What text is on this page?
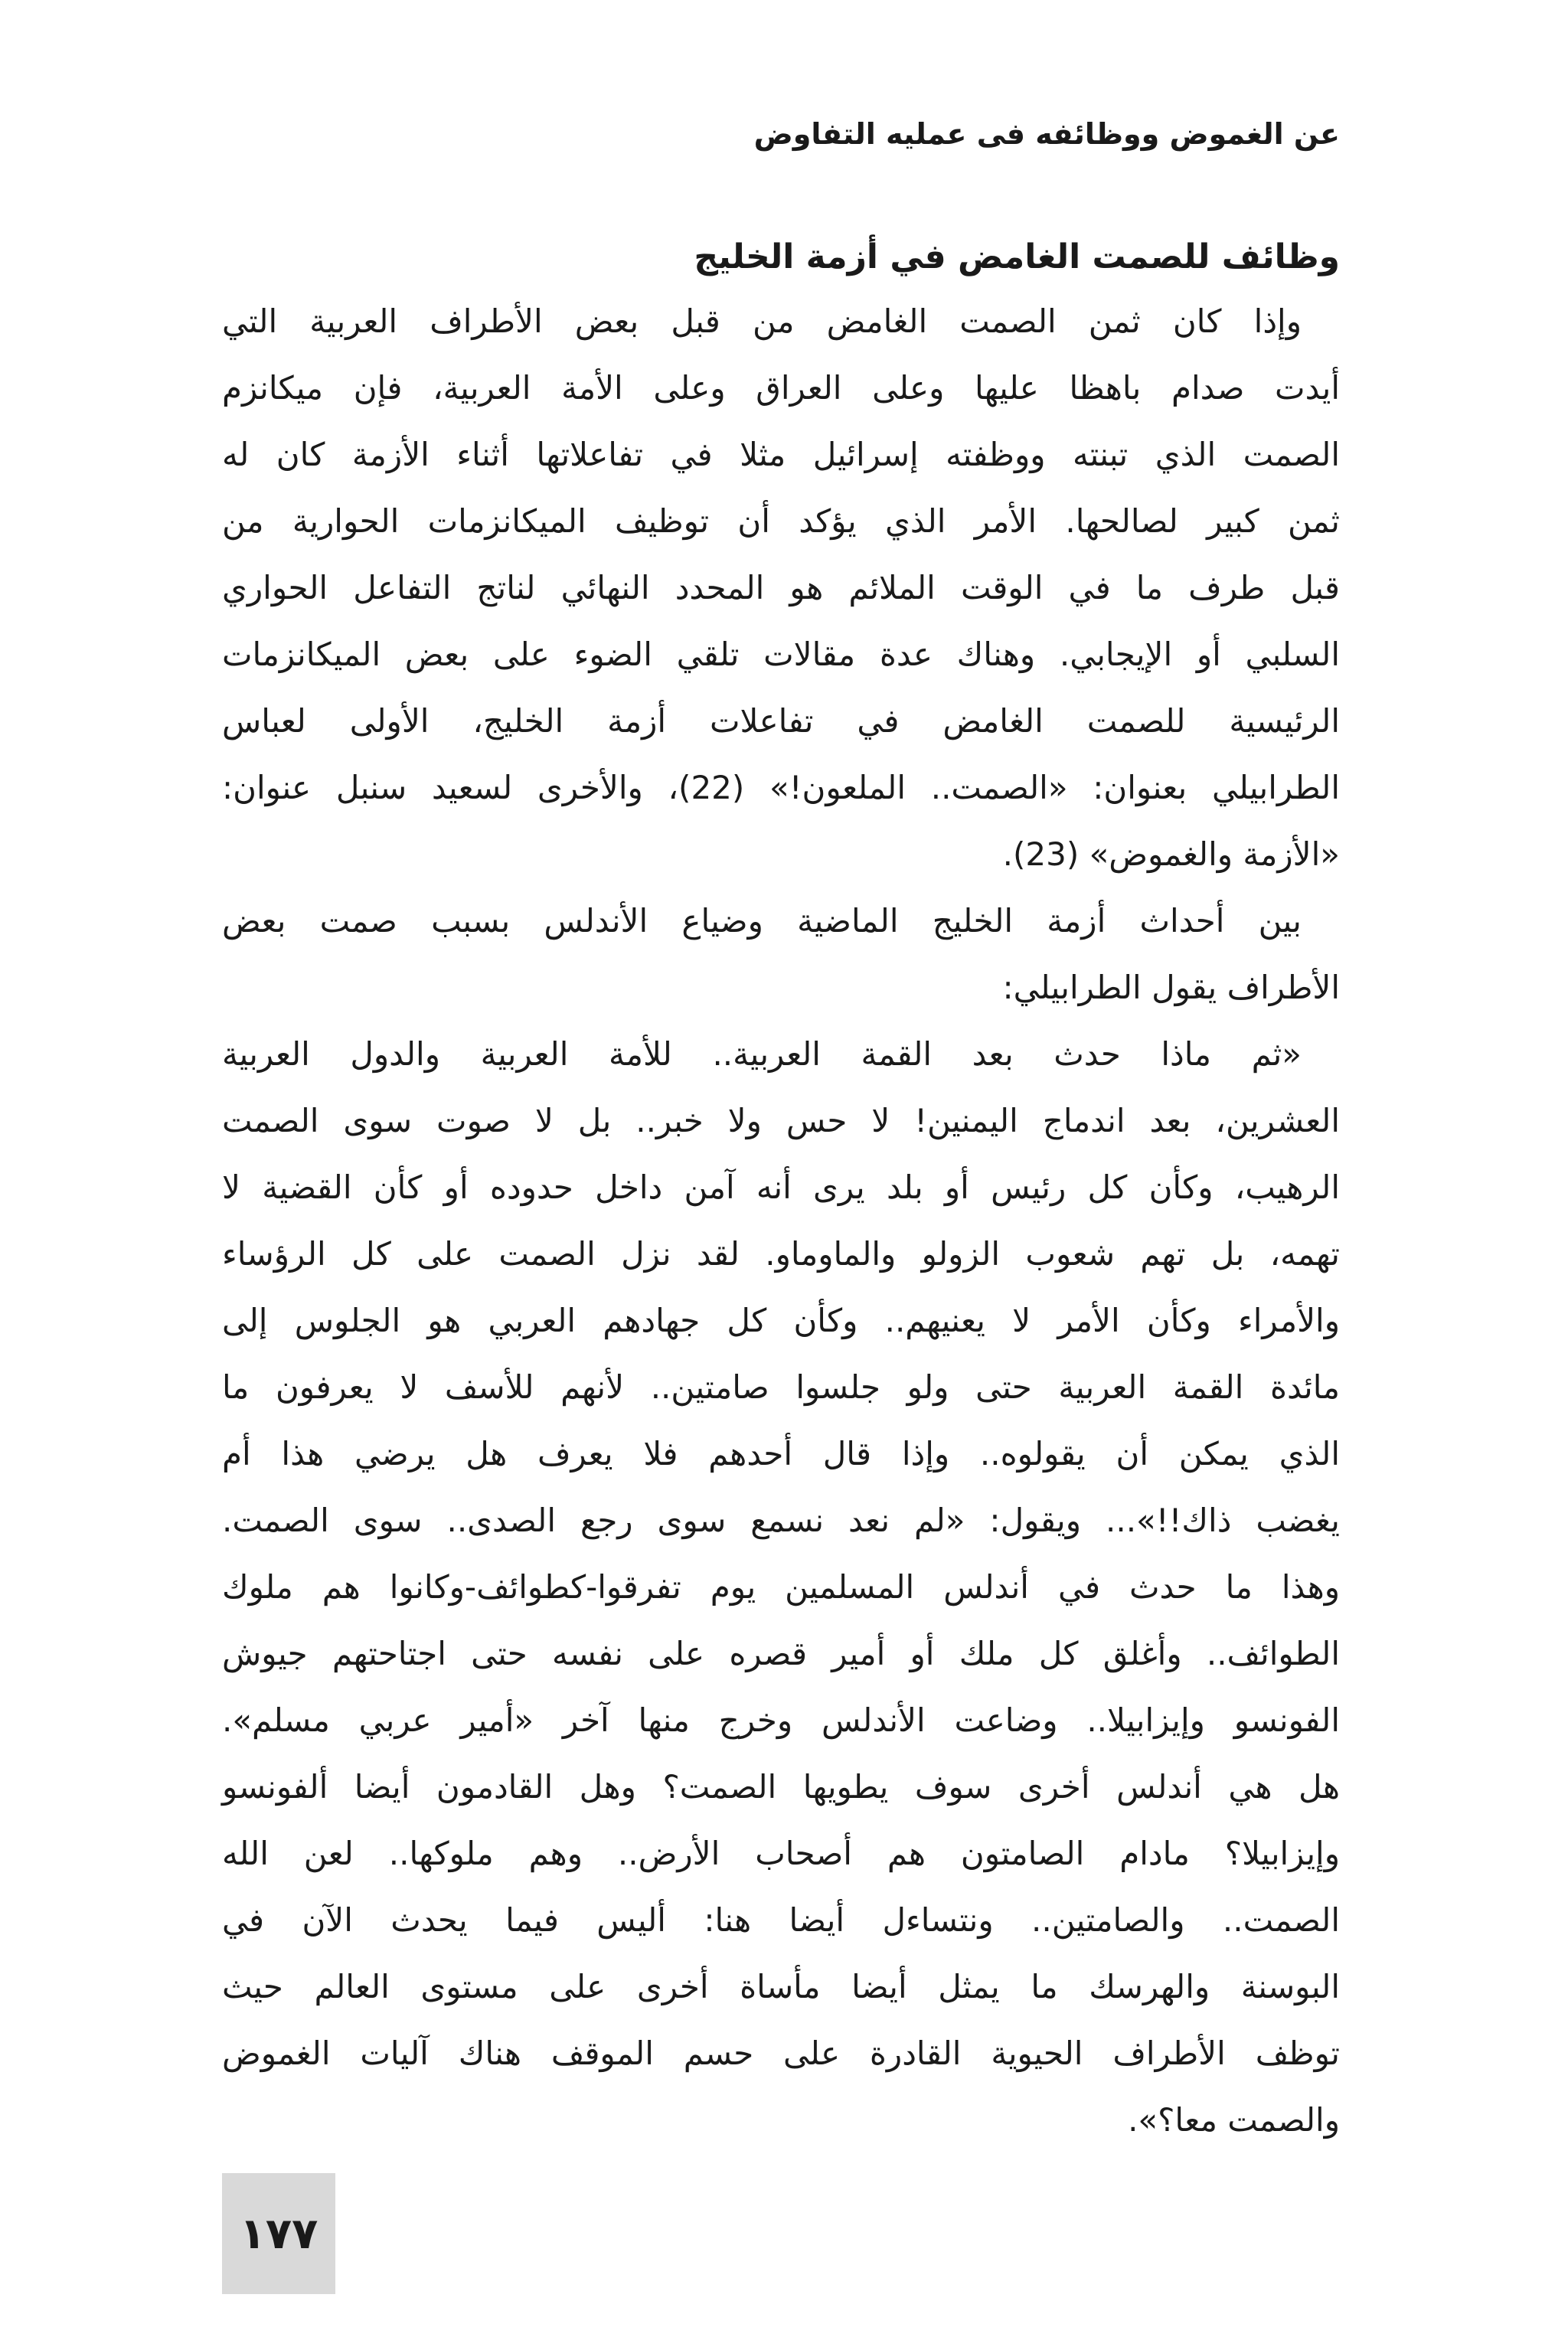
عن الغموض ووظائفه فى عمليه التفاوض
وظائف للصمت الغامض في أزمة الخليج
وإذا كان ثمن الصمت الغامض من قبل بعض الأطراف العربية التي
أيدت صدام باهظا عليها وعلى العراق وعلى الأمة العربية، فإن ميكانزم
الصمت الذي تبنته ووظفته إسرائيل مثلا في تفاعلاتها أثناء الأزمة كان له
ثمن كبير لصالحها. الأمر الذي يؤكد أن توظيف الميكانزمات الحوارية من
قبل طرف ما في الوقت الملائم هو المحدد النهائي لناتج التفاعل الحواري
السلبي أو الإيجابي. وهناك عدة مقالات تلقي الضوء على بعض الميكانزمات
الرئيسية للصمت الغامض في تفاعلات أزمة الخليج، الأولى لعباس
الطرابيلي بعنوان: «الصمت.. الملعون!» (22)، والأخرى لسعيد سنبل عنوان:
«الأزمة والغموض» (23).
بين أحداث أزمة الخليج الماضية وضياع الأندلس بسبب صمت بعض
الأطراف يقول الطرابيلي:
«ثم ماذا حدث بعد القمة العربية.. للأمة العربية والدول العربية
العشرين، بعد اندماج اليمنين! لا حس ولا خبر.. بل لا صوت سوى الصمت
الرهيب، وكأن كل رئيس أو بلد يرى أنه آمن داخل حدوده أو كأن القضية لا
تهمه، بل تهم شعوب الزولو والماوماو. لقد نزل الصمت على كل الرؤساء
والأمراء وكأن الأمر لا يعنيهم.. وكأن كل جهادهم العربي هو الجلوس إلى
مائدة القمة العربية حتى ولو جلسوا صامتين.. لأنهم للأسف لا يعرفون ما
الذي يمكن أن يقولوه.. وإذا قال أحدهم فلا يعرف هل يرضي هذا أم
يغضب ذاك!!»... ويقول: «لم نعد نسمع سوى رجع الصدى.. سوى الصمت.
وهذا ما حدث في أندلس المسلمين يوم تفرقوا-كطوائف-وكانوا هم ملوك
الطوائف.. وأغلق كل ملك أو أمير قصره على نفسه حتى اجتاحتهم جيوش
الفونسو وإيزابيلا.. وضاعت الأندلس وخرج منها آخر «أمير عربي مسلم».
هل هي أندلس أخرى سوف يطويها الصمت؟ وهل القادمون أيضا ألفونسو
وإيزابيلا؟ مادام الصامتون هم أصحاب الأرض.. وهم ملوكها.. لعن الله
الصمت.. والصامتين.. ونتساءل أيضا هنا: أليس فيما يحدث الآن في
البوسنة والهرسك ما يمثل أيضا مأساة أخرى على مستوى العالم حيث
توظف الأطراف الحيوية القادرة على حسم الموقف هناك آليات الغموض
والصمت معا؟».
١٧٧
